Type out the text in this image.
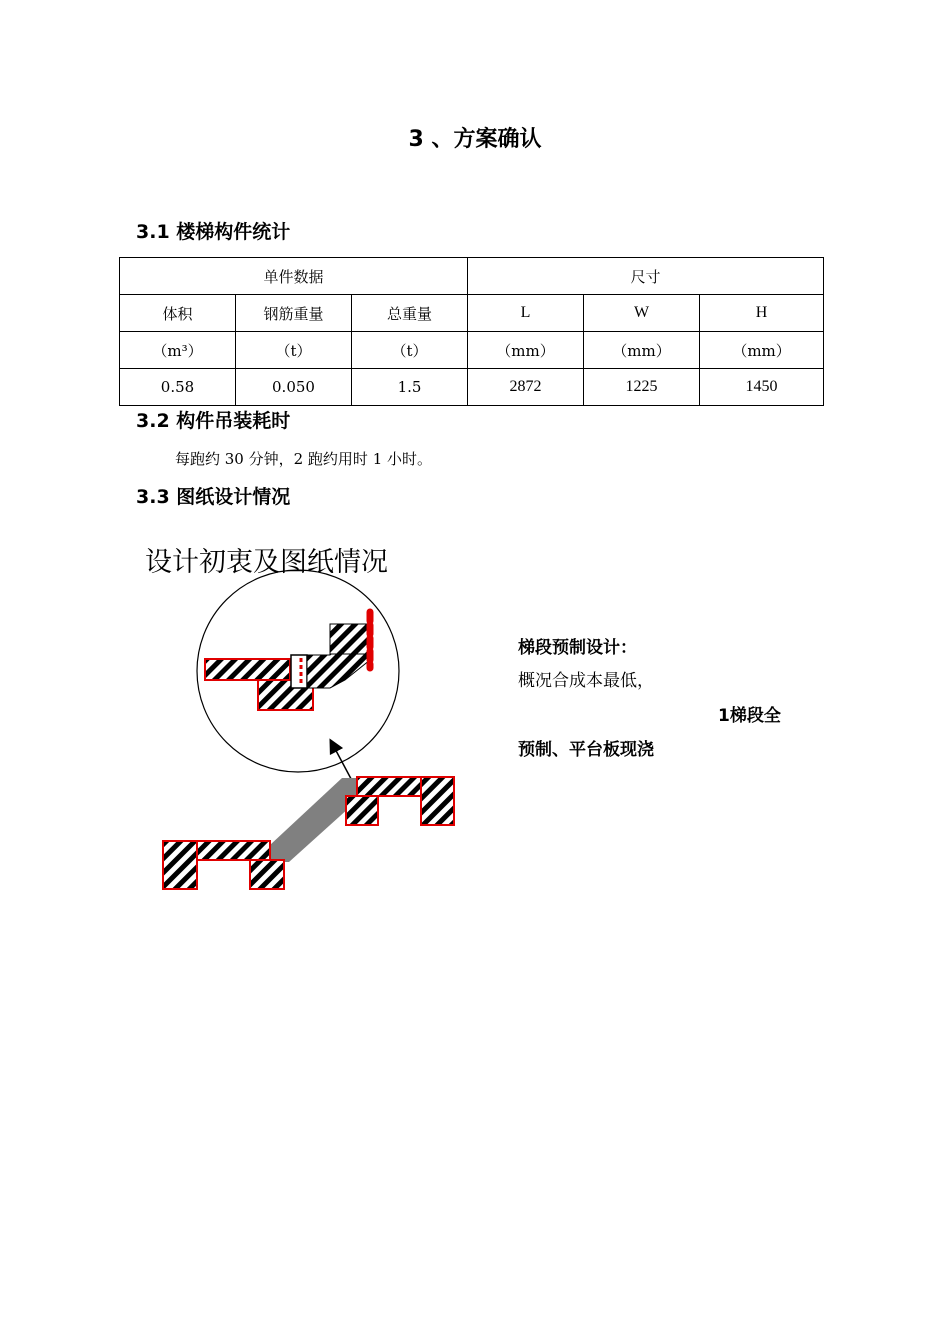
3 、方案确认
3.1 楼梯构件统计
单件数据			尺寸		
体积	钢筋重量	总重量	L	W	H
（m³）	（t）	（t）	（mm）	（mm）	（mm）
0.58	0.050	1.5	2872	1225	1450
3.2 构件吊装耗时
每跑约 30 分钟，2 跑约用时 1 小时。
3.3 图纸设计情况
设计初衷及图纸情况
梯段预制设计：
概况合成本最低，
1梯段全
预制、平台板现浇
